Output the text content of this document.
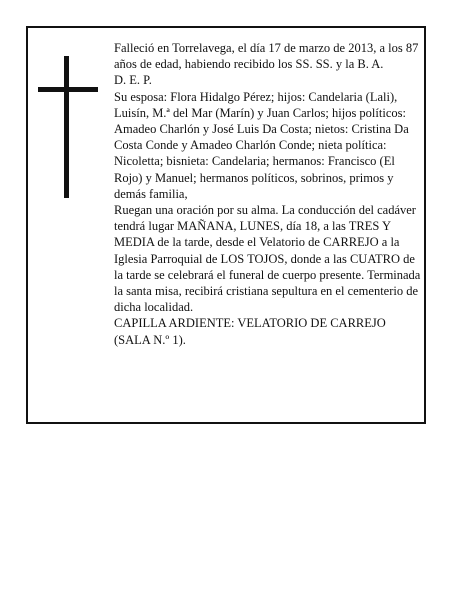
Falleció en Torrelavega, el día 17 de marzo de 2013, a los 87 años de edad, habiendo recibido los SS. SS. y la B. A.

D. E. P.

Su esposa: Flora Hidalgo Pérez; hijos: Candelaria (Lali), Luisín, M.ª del Mar (Marín) y Juan Carlos; hijos políticos: Amadeo Charlón y José Luis Da Costa; nietos: Cristina Da Costa Conde y Amadeo Charlón Conde; nieta política: Nicoletta; bisnieta: Candelaria; hermanos: Francisco (El Rojo) y Manuel; hermanos políticos, sobrinos, primos y demás familia,

Ruegan una oración por su alma. La conducción del cadáver tendrá lugar MAÑANA, LUNES, día 18, a las TRES Y MEDIA de la tarde, desde el Velatorio de CARREJO a la Iglesia Parroquial de LOS TOJOS, donde a las CUATRO de la tarde se celebrará el funeral de cuerpo presente. Terminada la santa misa, recibirá cristiana sepultura en el cementerio de dicha localidad.

CAPILLA ARDIENTE: VELATORIO DE CARREJO (SALA N.º 1).
